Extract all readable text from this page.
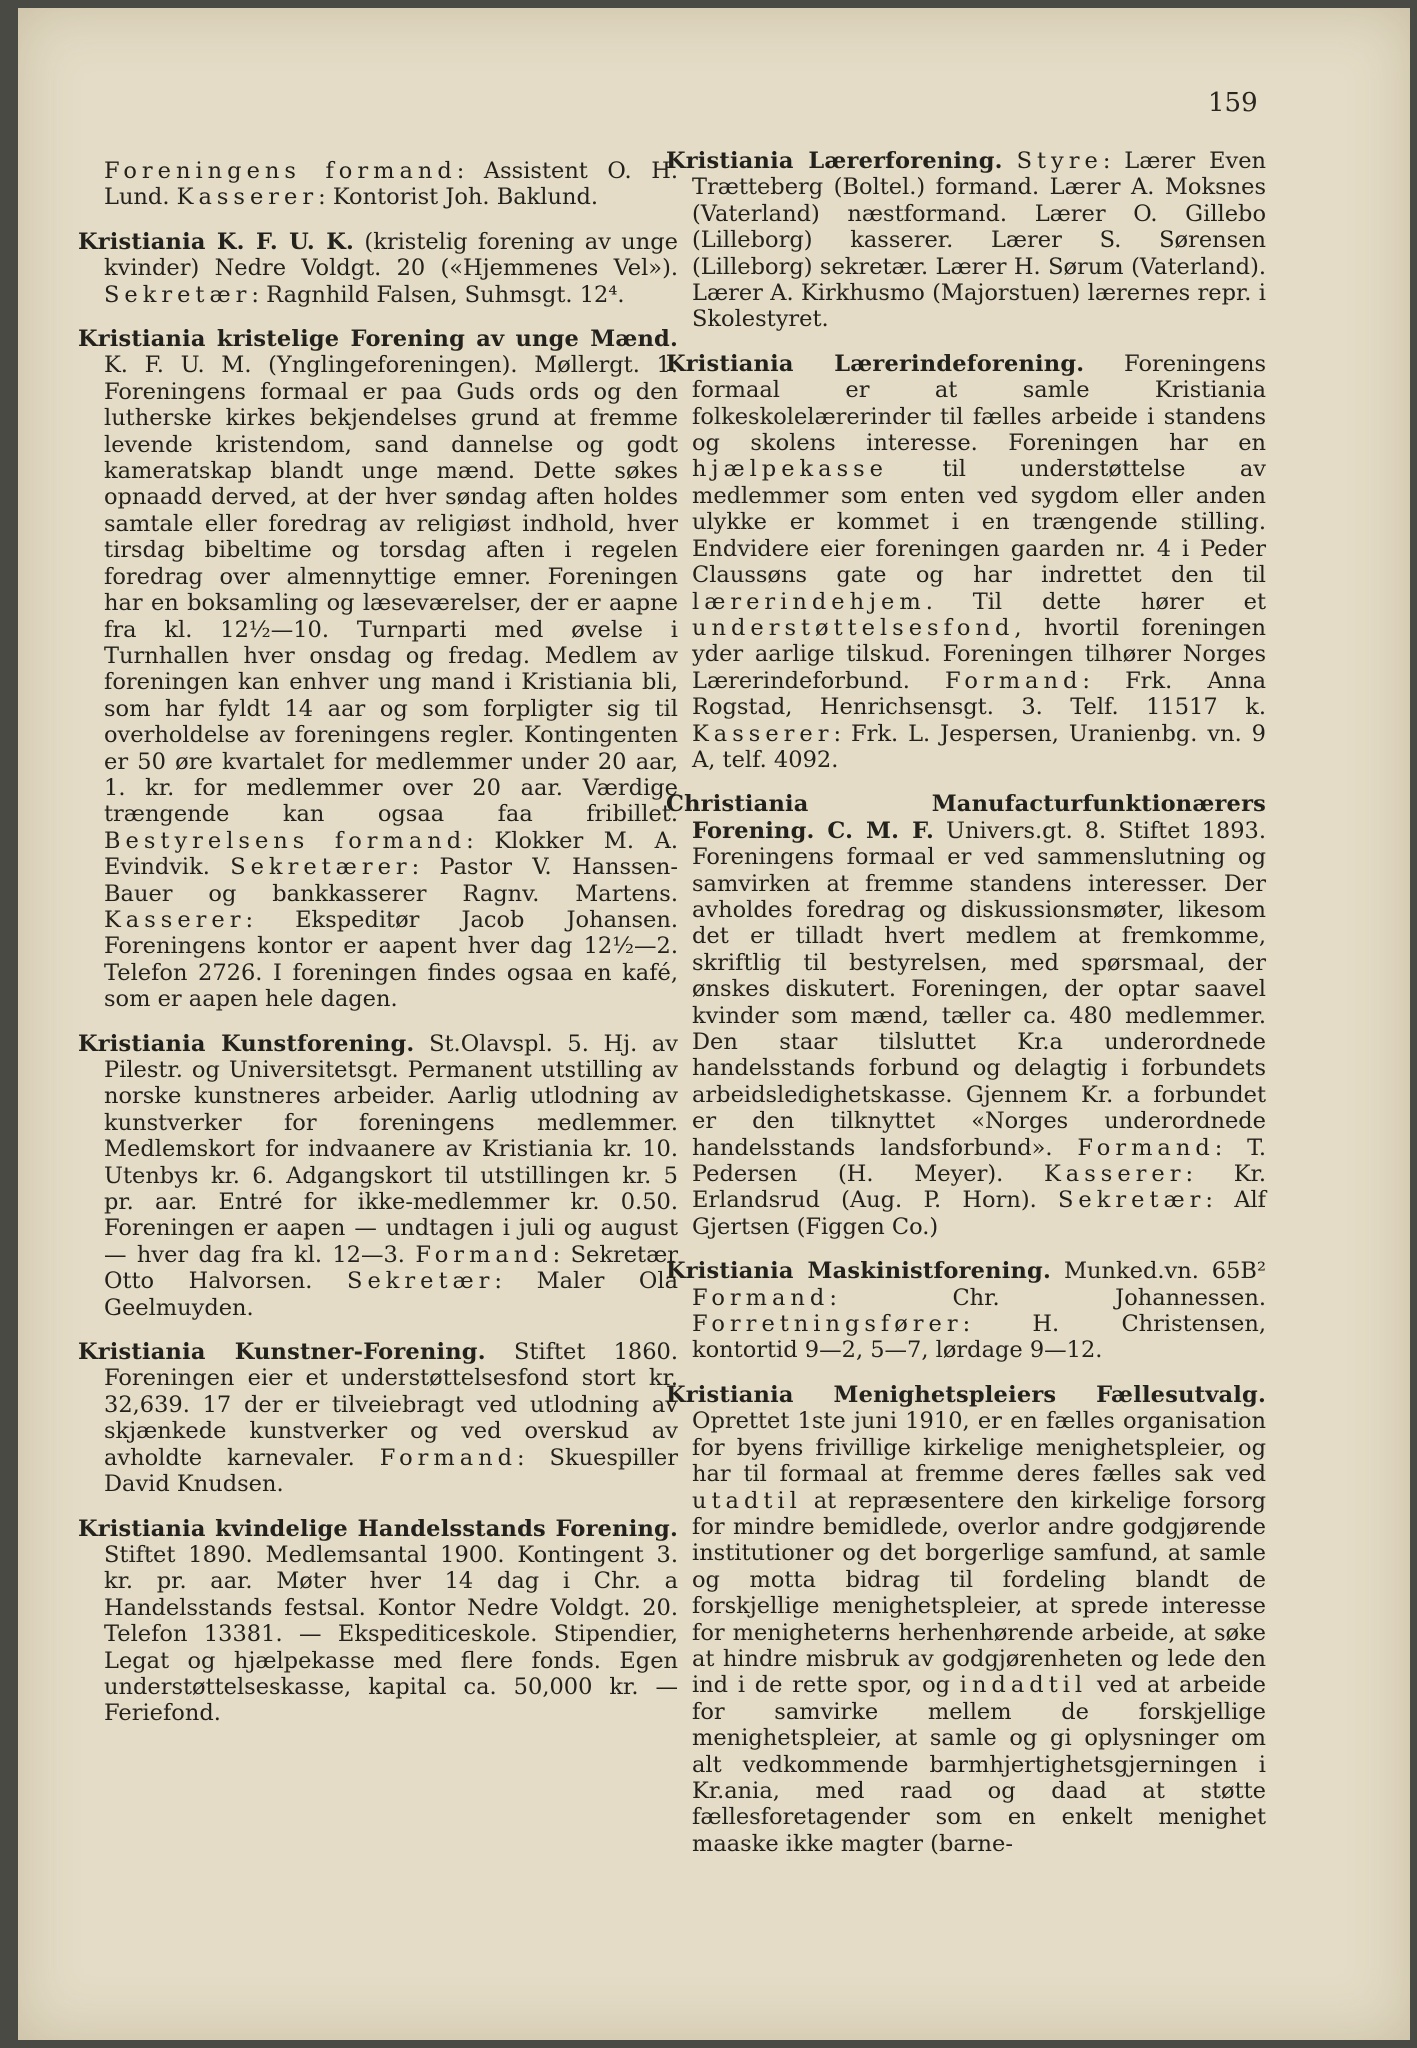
159

Foreningens formand: Assistent O. H. Lund. Kasserer: Kontorist Joh. Baklund.

Kristiania K. F. U. K. (kristelig forening av unge kvinder) Nedre Voldgt. 20 («Hjemmenes Vel»). Sekretær: Ragnhild Falsen, Suhmsgt. 12⁴.

Kristiania kristelige Forening av unge Mænd. K. F. U. M. (Ynglingeforeningen). Møllergt. 1. Foreningens formaal er paa Guds ords og den lutherske kirkes bekjendelses grund at fremme levende kristendom, sand dannelse og godt kameratskap blandt unge mænd. Dette søkes opnaadd derved, at der hver søndag aften holdes samtale eller foredrag av religiøst indhold, hver tirsdag bibeltime og torsdag aften i regelen foredrag over almennyttige emner. Foreningen har en boksamling og læseværelser, der er aapne fra kl. 12½—10. Turnparti med øvelse i Turnhallen hver onsdag og fredag. Medlem av foreningen kan enhver ung mand i Kristiania bli, som har fyldt 14 aar og som forpligter sig til overholdelse av foreningens regler. Kontingenten er 50 øre kvartalet for medlemmer under 20 aar, 1. kr. for medlemmer over 20 aar. Værdige trængende kan ogsaa faa fribillet. Bestyrelsens formand: Klokker M. A. Evindvik. Sekretærer: Pastor V. Hanssen-Bauer og bankkasserer Ragnv. Martens. Kasserer: Ekspeditør Jacob Johansen. Foreningens kontor er aapent hver dag 12½—2. Telefon 2726. I foreningen findes ogsaa en kafé, som er aapen hele dagen.

Kristiania Kunstforening. St.Olavspl. 5. Hj. av Pilestr. og Universitetsgt. Permanent utstilling av norske kunstneres arbeider. Aarlig utlodning av kunstverker for foreningens medlemmer. Medlemskort for indvaanere av Kristiania kr. 10. Utenbys kr. 6. Adgangskort til utstillingen kr. 5 pr. aar. Entré for ikke-medlemmer kr. 0.50. Foreningen er aapen — undtagen i juli og august — hver dag fra kl. 12—3. Formand: Sekretær Otto Halvorsen. Sekretær: Maler Ola Geelmuyden.

Kristiania Kunstner-Forening. Stiftet 1860. Foreningen eier et understøttelsesfond stort kr. 32,639. 17 der er tilveiebragt ved utlodning av skjænkede kunstverker og ved overskud av avholdte karnevaler. Formand: Skuespiller David Knudsen.

Kristiania kvindelige Handelsstands Forening. Stiftet 1890. Medlemsantal 1900. Kontingent 3. kr. pr. aar. Møter hver 14 dag i Chr. a Handelsstands festsal. Kontor Nedre Voldgt. 20. Telefon 13381. — Ekspediticeskole. Stipendier, Legat og hjælpekasse med flere fonds. Egen understøttelseskasse, kapital ca. 50,000 kr. — Feriefond.

Kristiania Lærerforening. Styre: Lærer Even Trætteberg (Boltel.) formand. Lærer A. Moksnes (Vaterland) næstformand. Lærer O. Gillebo (Lilleborg) kasserer. Lærer S. Sørensen (Lilleborg) sekretær. Lærer H. Sørum (Vaterland). Lærer A. Kirkhusmo (Majorstuen) lærernes repr. i Skolestyret.

Kristiania Lærerindeforening. Foreningens formaal er at samle Kristiania folkeskolelærerinder til fælles arbeide i standens og skolens interesse. Foreningen har en hjælpekasse til understøttelse av medlemmer som enten ved sygdom eller anden ulykke er kommet i en trængende stilling. Endvidere eier foreningen gaarden nr. 4 i Peder Claussøns gate og har indrettet den til lærerindehjem. Til dette hører et understøttelsesfond, hvortil foreningen yder aarlige tilskud. Foreningen tilhører Norges Lærerindeforbund. Formand: Frk. Anna Rogstad, Henrichsensgt. 3. Telf. 11517 k. Kasserer: Frk. L. Jespersen, Uranienbg. vn. 9 A, telf. 4092.

Christiania Manufacturfunktionærers Forening. C. M. F. Univers.gt. 8. Stiftet 1893. Foreningens formaal er ved sammenslutning og samvirken at fremme standens interesser. Der avholdes foredrag og diskussionsmøter, likesom det er tilladt hvert medlem at fremkomme, skriftlig til bestyrelsen, med spørsmaal, der ønskes diskutert. Foreningen, der optar saavel kvinder som mænd, tæller ca. 480 medlemmer. Den staar tilsluttet Kr.a underordnede handelsstands forbund og delagtig i forbundets arbeidsledighetskasse. Gjennem Kr. a forbundet er den tilknyttet «Norges underordnede handelsstands landsforbund». Formand: T. Pedersen (H. Meyer). Kasserer: Kr. Erlandsrud (Aug. P. Horn). Sekretær: Alf Gjertsen (Figgen Co.)

Kristiania Maskinistforening. Munked.vn. 65B² Formand: Chr. Johannessen. Forretningsfører: H. Christensen, kontortid 9—2, 5—7, lørdage 9—12.

Kristiania Menighetspleiers Fællesutvalg. Oprettet 1ste juni 1910, er en fælles organisation for byens frivillige kirkelige menighetspleier, og har til formaal at fremme deres fælles sak ved utadtil at repræsentere den kirkelige forsorg for mindre bemidlede, overlor andre godgjørende institutioner og det borgerlige samfund, at samle og motta bidrag til fordeling blandt de forskjellige menighetspleier, at sprede interesse for menigheterns herhenhørende arbeide, at søke at hindre misbruk av godgjørenheten og lede den ind i de rette spor, og indadtil ved at arbeide for samvirke mellem de forskjellige menighetspleier, at samle og gi oplysninger om alt vedkommende barmhjertighetsgjerningen i Kr.ania, med raad og daad at støtte fællesforetagender som en enkelt menighet maaske ikke magter (barne-
